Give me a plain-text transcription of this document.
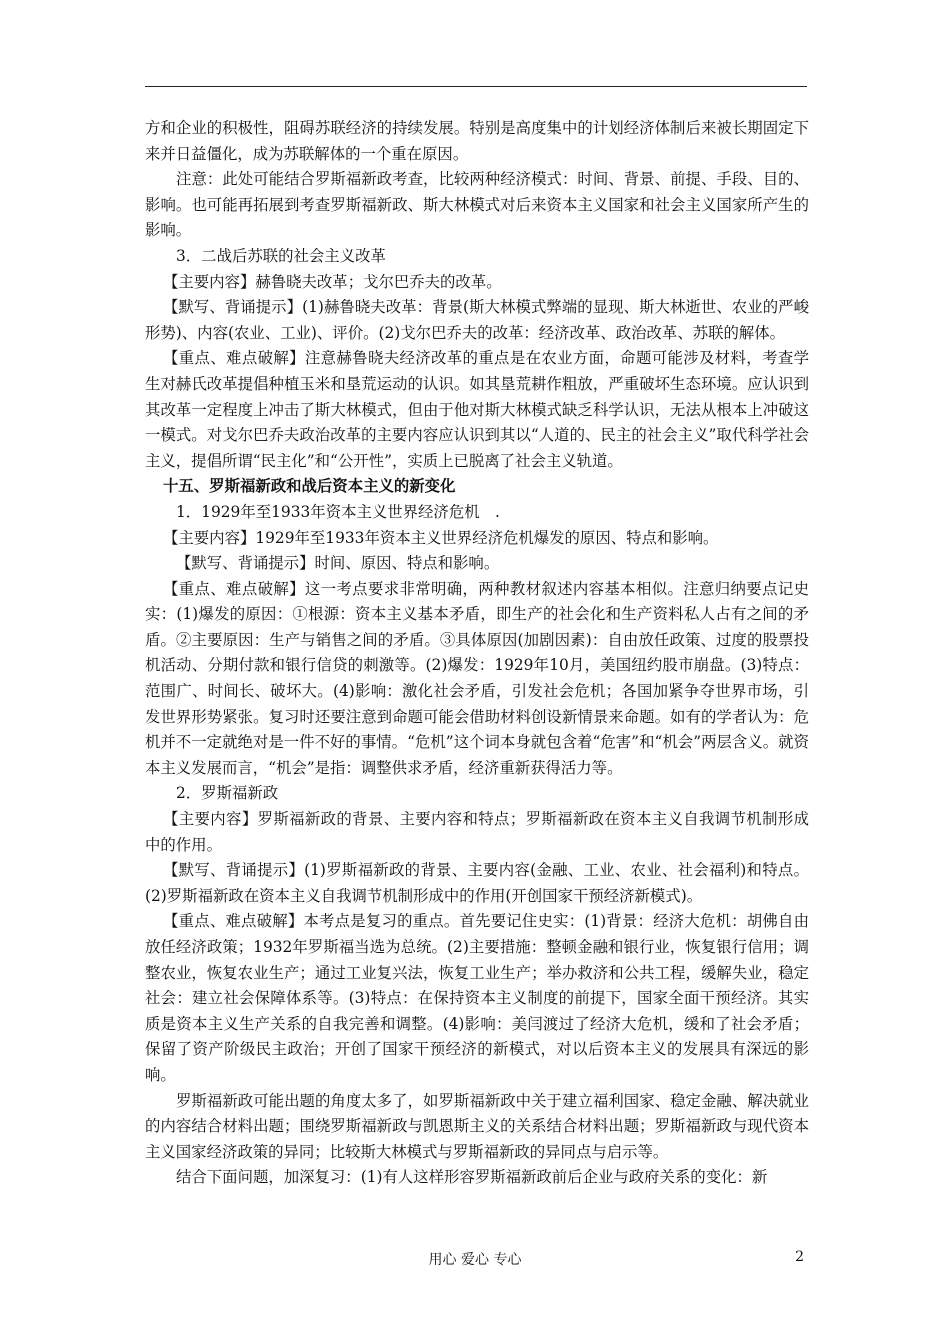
方和企业的积极性，阻碍苏联经济的持续发展。特别是高度集中的计划经济体制后来被长期固定下来并日益僵化，成为苏联解体的一个重在原因。

注意：此处可能结合罗斯福新政考查，比较两种经济模式：时间、背景、前提、手段、目的、影响。也可能再拓展到考查罗斯福新政、斯大林模式对后来资本主义国家和社会主义国家所产生的影响。

3．二战后苏联的社会主义改革

【主要内容】赫鲁晓夫改革；戈尔巴乔夫的改革。

【默写、背诵提示】(1)赫鲁晓夫改革：背景(斯大林模式弊端的显现、斯大林逝世、农业的严峻形势)、内容(农业、工业)、评价。(2)戈尔巴乔夫的改革：经济改革、政治改革、苏联的解体。

【重点、难点破解】注意赫鲁晓夫经济改革的重点是在农业方面，命题可能涉及材料，考查学生对赫氏改革提倡种植玉米和垦荒运动的认识。如其垦荒耕作粗放，严重破坏生态环境。应认识到其改革一定程度上冲击了斯大林模式，但由于他对斯大林模式缺乏科学认识，无法从根本上冲破这一模式。对戈尔巴乔夫政治改革的主要内容应认识到其以“人道的、民主的社会主义”取代科学社会主义，提倡所谓“民主化”和“公开性”，实质上已脱离了社会主义轨道。

十五、罗斯福新政和战后资本主义的新变化

1．1929年至1933年资本主义世界经济危机　.

【主要内容】1929年至1933年资本主义世界经济危机爆发的原因、特点和影响。

【默写、背诵提示】时间、原因、特点和影响。

【重点、难点破解】这一考点要求非常明确，两种教材叙述内容基本相似。注意归纳要点记史实：(1)爆发的原因：①根源：资本主义基本矛盾，即生产的社会化和生产资料私人占有之间的矛盾。②主要原因：生产与销售之间的矛盾。③具体原因(加剧因素)：自由放任政策、过度的股票投机活动、分期付款和银行信贷的刺激等。(2)爆发：1929年10月，美国纽约股市崩盘。(3)特点：范围广、时间长、破坏大。(4)影响：激化社会矛盾，引发社会危机；各国加紧争夺世界市场，引发世界形势紧张。复习时还要注意到命题可能会借助材料创设新情景来命题。如有的学者认为：危机并不一定就绝对是一件不好的事情。“危机”这个词本身就包含着“危害”和“机会”两层含义。就资本主义发展而言，“机会”是指：调整供求矛盾，经济重新获得活力等。

2．罗斯福新政

【主要内容】罗斯福新政的背景、主要内容和特点；罗斯福新政在资本主义自我调节机制形成中的作用。

【默写、背诵提示】(1)罗斯福新政的背景、主要内容(金融、工业、农业、社会福利)和特点。(2)罗斯福新政在资本主义自我调节机制形成中的作用(开创国家干预经济新模式)。

【重点、难点破解】本考点是复习的重点。首先要记住史实：(1)背景：经济大危机：胡佛自由放任经济政策；1932年罗斯福当选为总统。(2)主要措施：整顿金融和银行业，恢复银行信用；调整农业，恢复农业生产；通过工业复兴法，恢复工业生产；举办救济和公共工程，缓解失业，稳定社会：建立社会保障体系等。(3)特点：在保持资本主义制度的前提下，国家全面干预经济。其实质是资本主义生产关系的自我完善和调整。(4)影响：美闫渡过了经济大危机，缓和了社会矛盾；保留了资产阶级民主政治；开创了国家干预经济的新模式，对以后资本主义的发展具有深远的影响。

罗斯福新政可能出题的角度太多了，如罗斯福新政中关于建立福利国家、稳定金融、解决就业的内容结合材料出题；围绕罗斯福新政与凯恩斯主义的关系结合材料出题；罗斯福新政与现代资本主义国家经济政策的异同；比较斯大林模式与罗斯福新政的异同点与启示等。

结合下面问题，加深复习：(1)有人这样形容罗斯福新政前后企业与政府关系的变化：新

用心 爱心 专心	2
